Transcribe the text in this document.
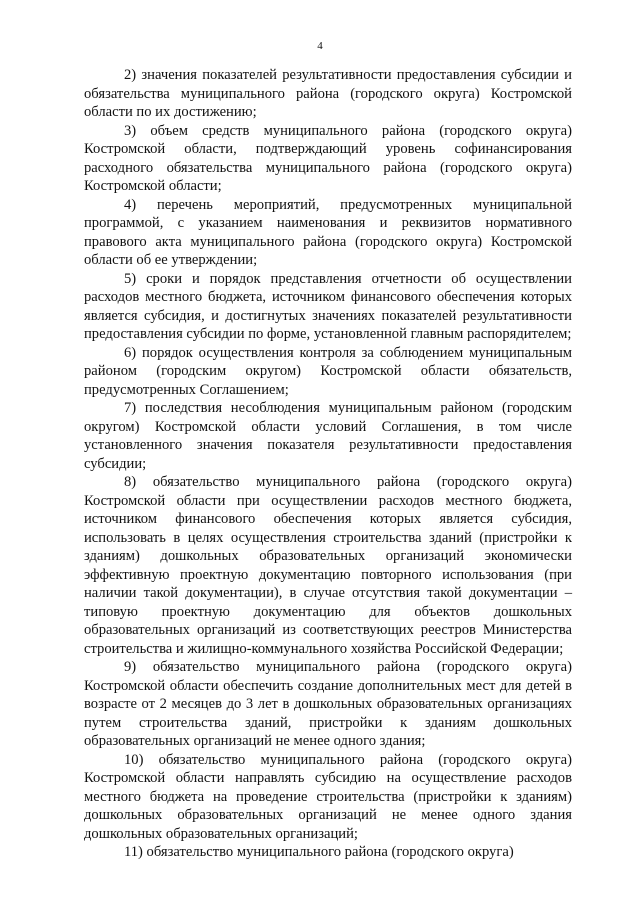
4

2) значения показателей результативности предоставления субсидии и обязательства муниципального района (городского округа) Костромской области по их достижению;

3) объем средств муниципального района (городского округа) Костромской области, подтверждающий уровень софинансирования расходного обязательства муниципального района (городского округа) Костромской области;

4) перечень мероприятий, предусмотренных муниципальной программой, с указанием наименования и реквизитов нормативного правового акта муниципального района (городского округа) Костромской области об ее утверждении;

5) сроки и порядок представления отчетности об осуществлении расходов местного бюджета, источником финансового обеспечения которых является субсидия, и достигнутых значениях показателей результативности предоставления субсидии по форме, установленной главным распорядителем;

6) порядок осуществления контроля за соблюдением муниципальным районом (городским округом) Костромской области обязательств, предусмотренных Соглашением;

7) последствия несоблюдения муниципальным районом (городским округом) Костромской области условий Соглашения, в том числе установленного значения показателя результативности предоставления субсидии;

8) обязательство муниципального района (городского округа) Костромской области при осуществлении расходов местного бюджета, источником финансового обеспечения которых является субсидия, использовать в целях осуществления строительства зданий (пристройки к зданиям) дошкольных образовательных организаций экономически эффективную проектную документацию повторного использования (при наличии такой документации), в случае отсутствия такой документации – типовую проектную документацию для объектов дошкольных образовательных организаций из соответствующих реестров Министерства строительства и жилищно-коммунального хозяйства Российской Федерации;

9) обязательство муниципального района (городского округа) Костромской области обеспечить создание дополнительных мест для детей в возрасте от 2 месяцев до 3 лет в дошкольных образовательных организациях путем строительства зданий, пристройки к зданиям дошкольных образовательных организаций не менее одного здания;

10) обязательство муниципального района (городского округа) Костромской области направлять субсидию на осуществление расходов местного бюджета на проведение строительства (пристройки к зданиям) дошкольных образовательных организаций не менее одного здания дошкольных образовательных организаций;

11) обязательство муниципального района (городского округа)
